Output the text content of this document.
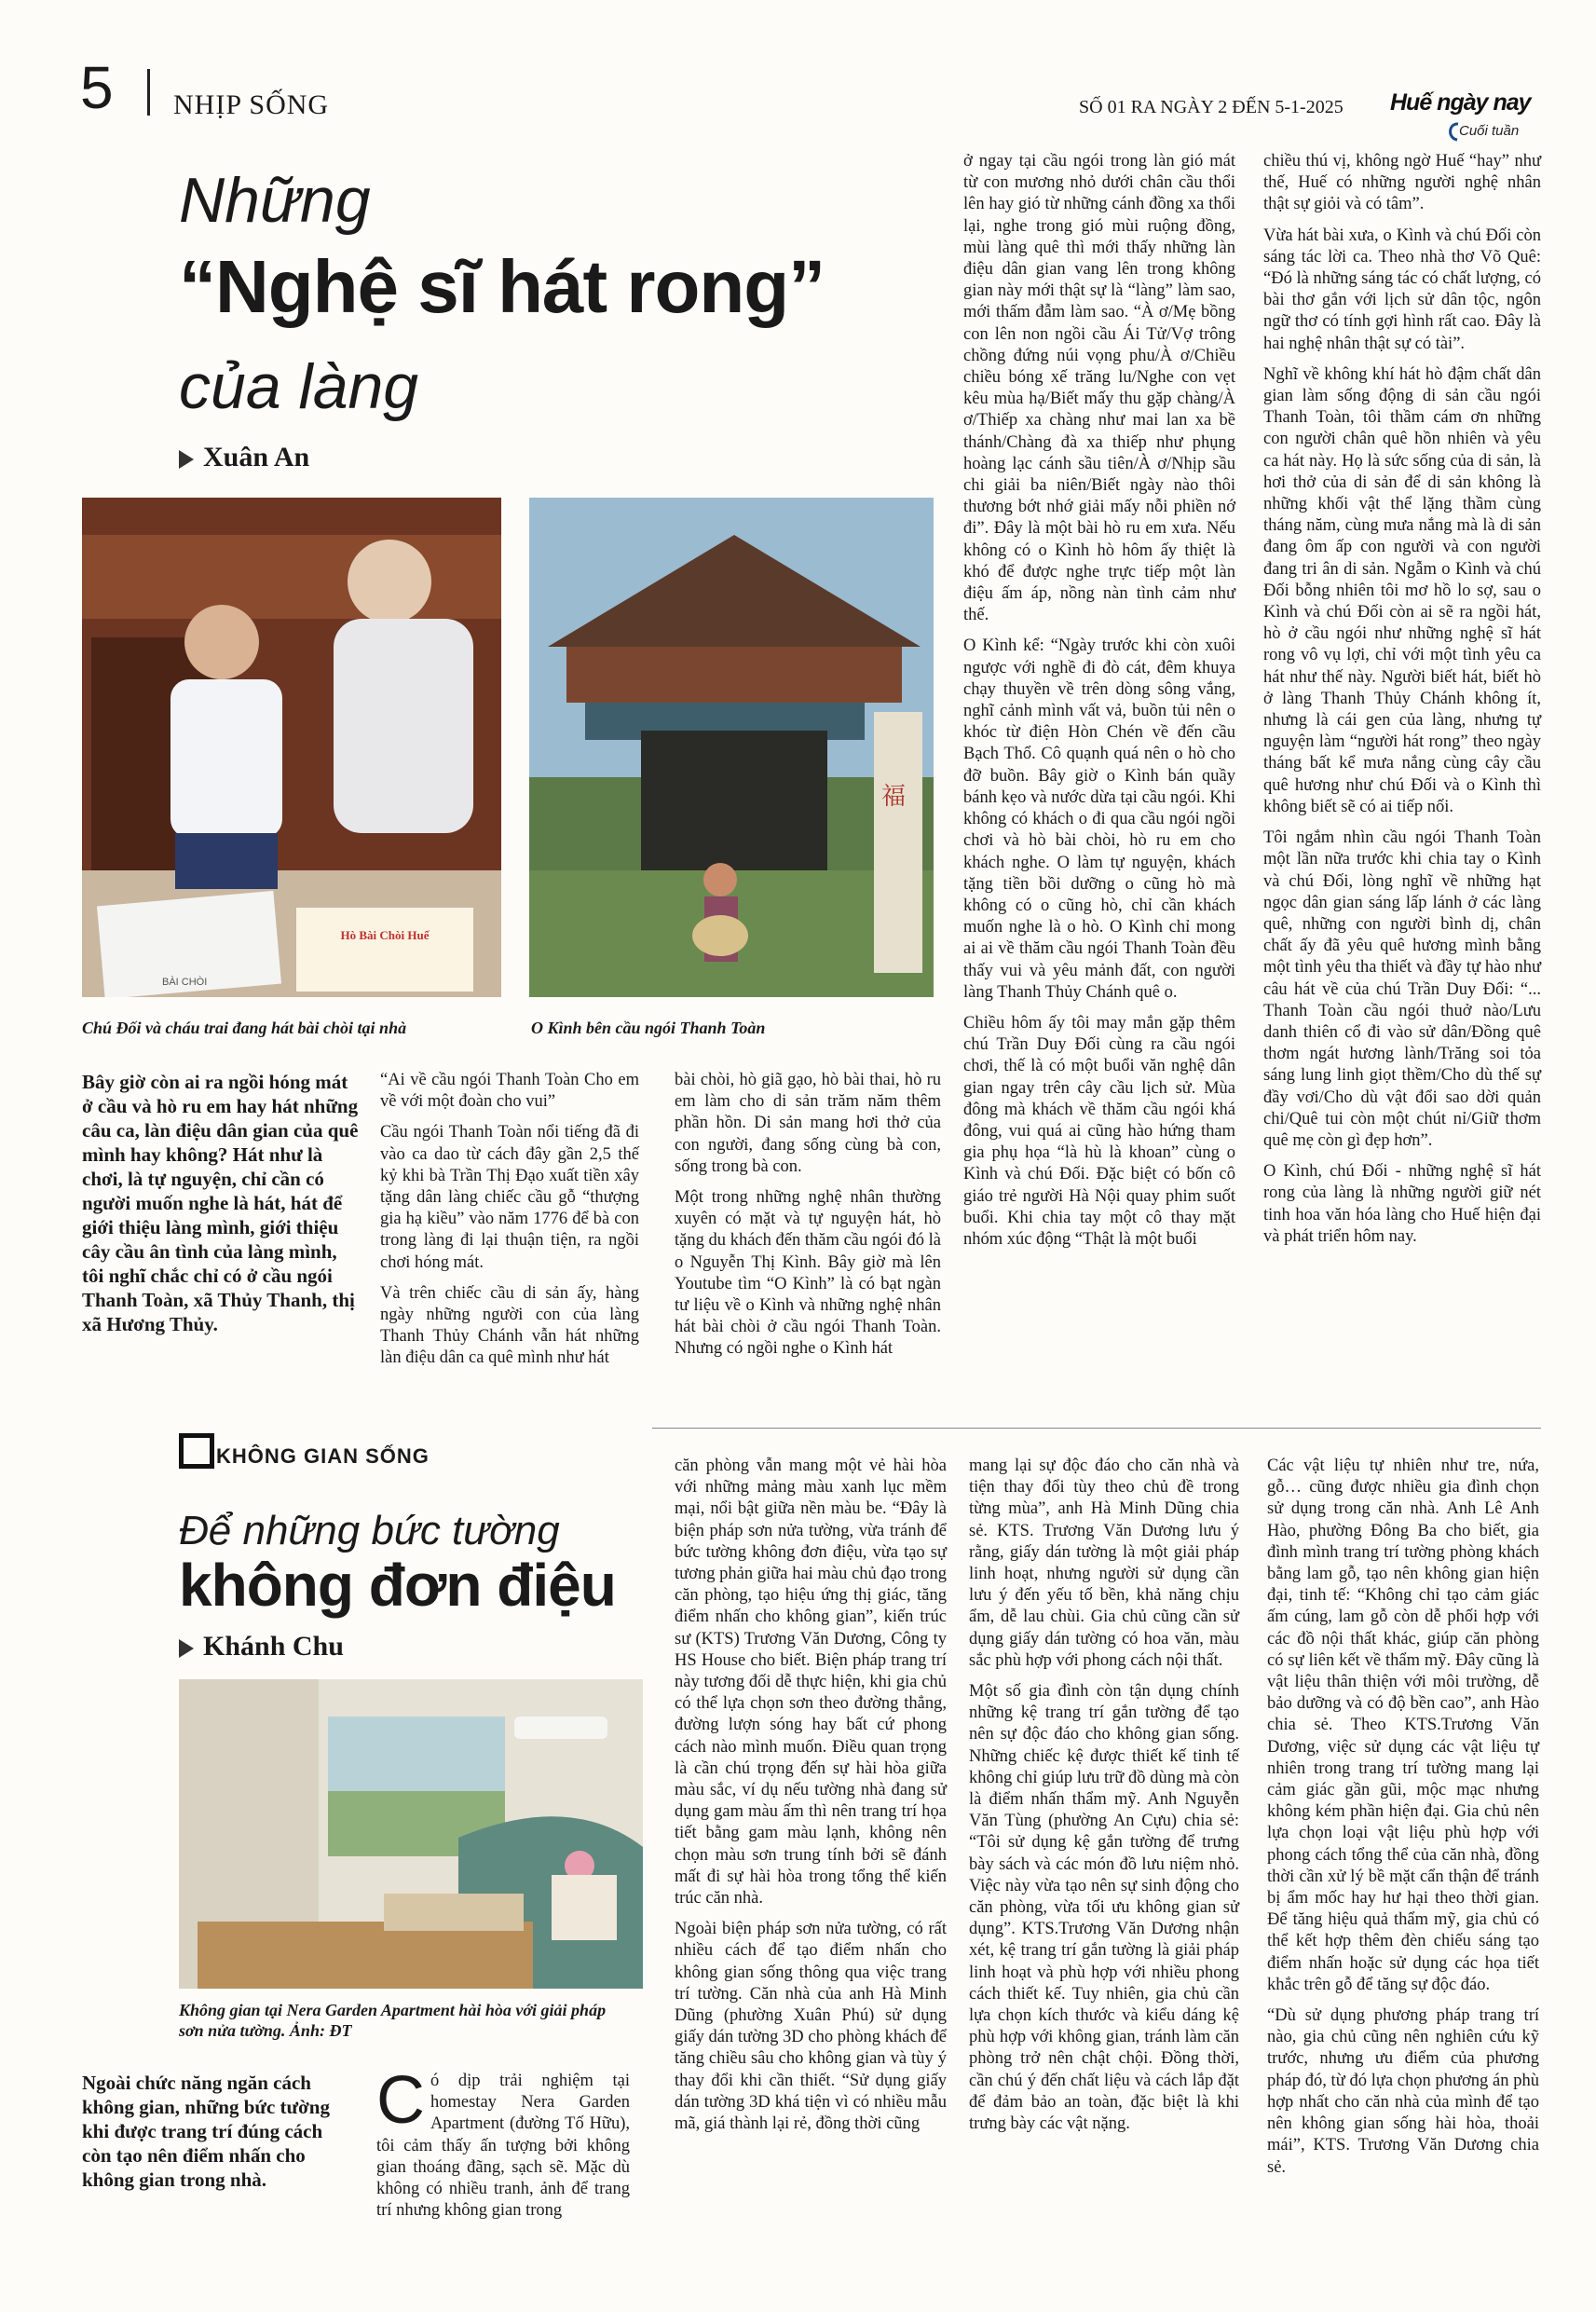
5 NHỊP SỐNG	SỐ 01 RA NGÀY 2 ĐẾN 5-1-2025 Huế ngày nay
Cuối tuần
Những
“Nghệ sĩ hát rong”
của làng
Xuân An
BÀI CHÒI
Hò Bài Chòi Huế
Chú Đối và cháu trai đang hát bài chòi tại nhà
福
O Kình bên cầu ngói Thanh Toàn
Bây giờ còn ai ra ngồi hóng mát ở cầu và hò ru em hay hát những câu ca, làn điệu dân gian của quê mình hay không? Hát như là chơi, là tự nguyện, chỉ cần có người muốn nghe là hát, hát để giới thiệu làng mình, giới thiệu cây cầu ân tình của làng mình, tôi nghĩ chắc chỉ có ở cầu ngói Thanh Toàn, xã Thủy Thanh, thị xã Hương Thủy.

“Ai về cầu ngói Thanh Toàn Cho em về với một đoàn cho vui”

Cầu ngói Thanh Toàn nổi tiếng đã đi vào ca dao từ cách đây gần 2,5 thế kỷ khi bà Trần Thị Đạo xuất tiền xây tặng dân làng chiếc cầu gỗ “thượng gia hạ kiều” vào năm 1776 để bà con trong làng đi lại thuận tiện, ra ngồi chơi hóng mát.

Và trên chiếc cầu di sản ấy, hàng ngày những người con của làng Thanh Thủy Chánh vẫn hát những làn điệu dân ca quê mình như hát

bài chòi, hò giã gạo, hò bài thai, hò ru em làm cho di sản trăm năm thêm phần hồn. Di sản mang hơi thở của con người, đang sống cùng bà con, sống trong bà con.

Một trong những nghệ nhân thường xuyên có mặt và tự nguyện hát, hò tặng du khách đến thăm cầu ngói đó là o Nguyễn Thị Kình. Bây giờ mà lên Youtube tìm “O Kình” là có bạt ngàn tư liệu về o Kình và những nghệ nhân hát bài chòi ở cầu ngói Thanh Toàn. Nhưng có ngồi nghe o Kình hát

ở ngay tại cầu ngói trong làn gió mát từ con mương nhỏ dưới chân cầu thổi lên hay gió từ những cánh đồng xa thổi lại, nghe trong gió mùi ruộng đồng, mùi làng quê thì mới thấy những làn điệu dân gian vang lên trong không gian này mới thật sự là “làng” làm sao, mới thấm đẫm làm sao. “À ơ/Mẹ bồng con lên non ngồi cầu Ái Tử/Vợ trông chồng đứng núi vọng phu/À ơ/Chiều chiều bóng xế trăng lu/Nghe con vẹt kêu mùa hạ/Biết mấy thu gặp chàng/À ơ/Thiếp xa chàng như mai lan xa bề thánh/Chàng đà xa thiếp như phụng hoàng lạc cánh sầu tiên/À ơ/Nhịp sầu chi giải ba niên/Biết ngày nào thôi thương bớt nhớ giải mấy nỗi phiền nớ đi”. Đây là một bài hò ru em xưa. Nếu không có o Kình hò hôm ấy thiệt là khó để được nghe trực tiếp một làn điệu ấm áp, nồng nàn tình cảm như thế.

O Kình kể: “Ngày trước khi còn xuôi ngược với nghề đi đò cát, đêm khuya chạy thuyền về trên dòng sông vắng, nghĩ cảnh mình vất vả, buồn tủi nên o khóc từ điện Hòn Chén về đến cầu Bạch Thổ. Cô quạnh quá nên o hò cho đỡ buồn. Bây giờ o Kình bán quầy bánh kẹo và nước dừa tại cầu ngói. Khi không có khách o đi qua cầu ngói ngồi chơi và hò bài chòi, hò ru em cho khách nghe. O làm tự nguyện, khách tặng tiền bồi dưỡng o cũng hò mà không có o cũng hò, chỉ cần khách muốn nghe là o hò. O Kình chỉ mong ai ai về thăm cầu ngói Thanh Toàn đều thấy vui và yêu mảnh đất, con người làng Thanh Thủy Chánh quê o.

Chiều hôm ấy tôi may mắn gặp thêm chú Trần Duy Đối cùng ra cầu ngói chơi, thế là có một buổi văn nghệ dân gian ngay trên cây cầu lịch sử. Mùa đông mà khách về thăm cầu ngói khá đông, vui quá ai cũng hào hứng tham gia phụ họa “là hù là khoan” cùng o Kình và chú Đối. Đặc biệt có bốn cô giáo trẻ người Hà Nội quay phim suốt buổi. Khi chia tay một cô thay mặt nhóm xúc động “Thật là một buổi

chiều thú vị, không ngờ Huế “hay” như thế, Huế có những người nghệ nhân thật sự giỏi và có tâm”.

Vừa hát bài xưa, o Kình và chú Đối còn sáng tác lời ca. Theo nhà thơ Võ Quê: “Đó là những sáng tác có chất lượng, có bài thơ gắn với lịch sử dân tộc, ngôn ngữ thơ có tính gợi hình rất cao. Đây là hai nghệ nhân thật sự có tài”.

Nghĩ về không khí hát hò đậm chất dân gian làm sống động di sản cầu ngói Thanh Toàn, tôi thầm cám ơn những con người chân quê hồn nhiên và yêu ca hát này. Họ là sức sống của di sản, là hơi thở của di sản để di sản không là những khối vật thể lặng thầm cùng tháng năm, cùng mưa nắng mà là di sản đang ôm ấp con người và con người đang tri ân di sản. Ngẫm o Kình và chú Đối bỗng nhiên tôi mơ hồ lo sợ, sau o Kình và chú Đối còn ai sẽ ra ngồi hát, hò ở cầu ngói như những nghệ sĩ hát rong vô vụ lợi, chỉ với một tình yêu ca hát như thế này. Người biết hát, biết hò ở làng Thanh Thủy Chánh không ít, nhưng là cái gen của làng, nhưng tự nguyện làm “người hát rong” theo ngày tháng bất kể mưa nắng cùng cây cầu quê hương như chú Đối và o Kình thì không biết sẽ có ai tiếp nối.

Tôi ngắm nhìn cầu ngói Thanh Toàn một lần nữa trước khi chia tay o Kình và chú Đối, lòng nghĩ về những hạt ngọc dân gian sáng lấp lánh ở các làng quê, những con người bình dị, chân chất ấy đã yêu quê hương mình bằng một tình yêu tha thiết và đầy tự hào như câu hát về của chú Trần Duy Đối: “... Thanh Toàn cầu ngói thuở nào/Lưu danh thiên cổ đi vào sử dân/Đồng quê thơm ngát hương lành/Trăng soi tỏa sáng lung linh giọt thềm/Cho dù thế sự đầy vơi/Cho dù vật đổi sao dời quản chi/Quê tui còn một chút nỉ/Giữ thơm quê mẹ còn gì đẹp hơn”.

O Kình, chú Đối - những nghệ sĩ hát rong của làng là những người giữ nét tinh hoa văn hóa làng cho Huế hiện đại và phát triển hôm nay.

KHÔNG GIAN SỐNG
Để những bức tường
không đơn điệu
Khánh Chu
Không gian tại Nera Garden Apartment hài hòa với giải pháp sơn nửa tường. Ảnh: ĐT
Ngoài chức năng ngăn cách không gian, những bức tường khi được trang trí đúng cách còn tạo nên điểm nhấn cho không gian trong nhà.

Có dịp trải nghiệm tại homestay Nera Garden Apartment (đường Tố Hữu), tôi cảm thấy ấn tượng bởi không gian thoáng đãng, sạch sẽ. Mặc dù không có nhiều tranh, ảnh để trang trí nhưng không gian trong

căn phòng vẫn mang một vẻ hài hòa với những mảng màu xanh lục mềm mại, nổi bật giữa nền màu be. “Đây là biện pháp sơn nửa tường, vừa tránh để bức tường không đơn điệu, vừa tạo sự tương phản giữa hai màu chủ đạo trong căn phòng, tạo hiệu ứng thị giác, tăng điểm nhấn cho không gian”, kiến trúc sư (KTS) Trương Văn Dương, Công ty HS House cho biết. Biện pháp trang trí này tương đối dễ thực hiện, khi gia chủ có thể lựa chọn sơn theo đường thẳng, đường lượn sóng hay bất cứ phong cách nào mình muốn. Điều quan trọng là cần chú trọng đến sự hài hòa giữa màu sắc, ví dụ nếu tường nhà đang sử dụng gam màu ấm thì nên trang trí họa tiết bằng gam màu lạnh, không nên chọn màu sơn trung tính bởi sẽ đánh mất đi sự hài hòa trong tổng thể kiến trúc căn nhà.

Ngoài biện pháp sơn nửa tường, có rất nhiều cách để tạo điểm nhấn cho không gian sống thông qua việc trang trí tường. Căn nhà của anh Hà Minh Dũng (phường Xuân Phú) sử dụng giấy dán tường 3D cho phòng khách để tăng chiều sâu cho không gian và tùy ý thay đổi khi cần thiết. “Sử dụng giấy dán tường 3D khá tiện vì có nhiều mẫu mã, giá thành lại rẻ, đồng thời cũng

mang lại sự độc đáo cho căn nhà và tiện thay đổi tùy theo chủ đề trong từng mùa”, anh Hà Minh Dũng chia sẻ. KTS. Trương Văn Dương lưu ý rằng, giấy dán tường là một giải pháp linh hoạt, nhưng người sử dụng cần lưu ý đến yếu tố bền, khả năng chịu ẩm, dễ lau chùi. Gia chủ cũng cần sử dụng giấy dán tường có hoa văn, màu sắc phù hợp với phong cách nội thất.

Một số gia đình còn tận dụng chính những kệ trang trí gắn tường để tạo nên sự độc đáo cho không gian sống. Những chiếc kệ được thiết kế tinh tế không chỉ giúp lưu trữ đồ dùng mà còn là điểm nhấn thẩm mỹ. Anh Nguyễn Văn Tùng (phường An Cựu) chia sẻ: “Tôi sử dụng kệ gắn tường để trưng bày sách và các món đồ lưu niệm nhỏ. Việc này vừa tạo nên sự sinh động cho căn phòng, vừa tối ưu không gian sử dụng”. KTS.Trương Văn Dương nhận xét, kệ trang trí gắn tường là giải pháp linh hoạt và phù hợp với nhiều phong cách thiết kế. Tuy nhiên, gia chủ cần lựa chọn kích thước và kiểu dáng kệ phù hợp với không gian, tránh làm căn phòng trở nên chật chội. Đồng thời, cần chú ý đến chất liệu và cách lắp đặt để đảm bảo an toàn, đặc biệt là khi trưng bày các vật nặng.

Các vật liệu tự nhiên như tre, nứa, gỗ… cũng được nhiều gia đình chọn sử dụng trong căn nhà. Anh Lê Anh Hào, phường Đông Ba cho biết, gia đình mình trang trí tường phòng khách bằng lam gỗ, tạo nên không gian hiện đại, tinh tế: “Không chỉ tạo cảm giác ấm cúng, lam gỗ còn dễ phối hợp với các đồ nội thất khác, giúp căn phòng có sự liên kết về thẩm mỹ. Đây cũng là vật liệu thân thiện với môi trường, dễ bảo dưỡng và có độ bền cao”, anh Hào chia sẻ. Theo KTS.Trương Văn Dương, việc sử dụng các vật liệu tự nhiên trong trang trí tường mang lại cảm giác gần gũi, mộc mạc nhưng không kém phần hiện đại. Gia chủ nên lựa chọn loại vật liệu phù hợp với phong cách tổng thể của căn nhà, đồng thời cần xử lý bề mặt cẩn thận để tránh bị ẩm mốc hay hư hại theo thời gian. Để tăng hiệu quả thẩm mỹ, gia chủ có thể kết hợp thêm đèn chiếu sáng tạo điểm nhấn hoặc sử dụng các họa tiết khắc trên gỗ để tăng sự độc đáo.

“Dù sử dụng phương pháp trang trí nào, gia chủ cũng nên nghiên cứu kỹ trước, nhưng ưu điểm của phương pháp đó, từ đó lựa chọn phương án phù hợp nhất cho căn nhà của mình để tạo nên không gian sống hài hòa, thoải mái”, KTS. Trương Văn Dương chia sẻ.
